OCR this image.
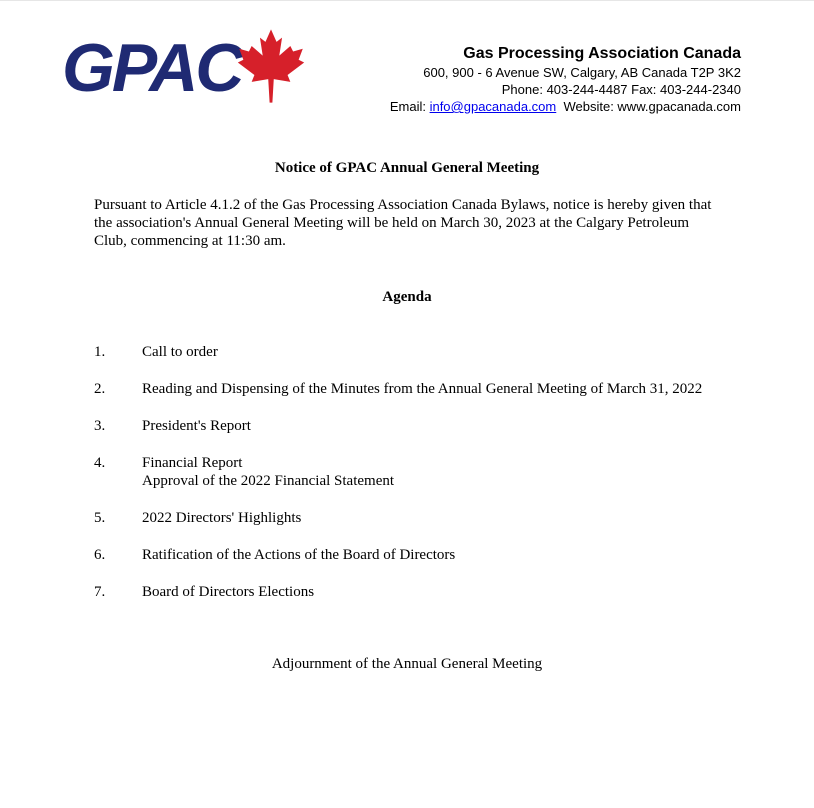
GPAC	Gas Processing Association Canada
600, 900 - 6 Avenue SW, Calgary, AB Canada T2P 3K2
Phone: 403-244-4487 Fax: 403-244-2340
Email: info@gpacanada.com  Website: www.gpacanada.com
Notice of GPAC Annual General Meeting
Pursuant to Article 4.1.2 of the Gas Processing Association Canada Bylaws, notice is hereby given that the association's Annual General Meeting will be held on March 30, 2023 at the Calgary Petroleum Club, commencing at 11:30 am.
Agenda
1.	Call to order
2.	Reading and Dispensing of the Minutes from the Annual General Meeting of March 31, 2022
3.	President's Report
4.	Financial Report
Approval of the 2022 Financial Statement
5.	2022 Directors' Highlights
6.	Ratification of the Actions of the Board of Directors
7.	Board of Directors Elections
Adjournment of the Annual General Meeting
